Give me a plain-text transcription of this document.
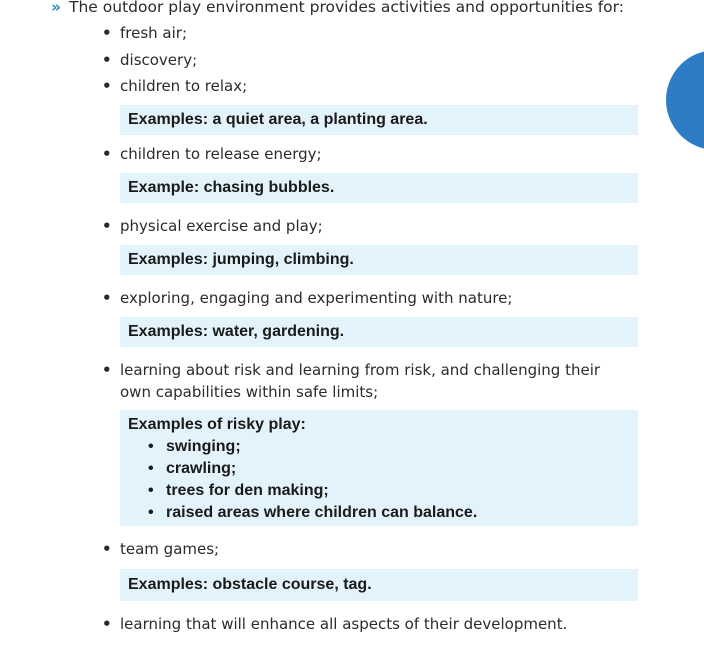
» The outdoor play environment provides activities and opportunities for:
• fresh air;
• discovery;
• children to relax;
Examples: a quiet area, a planting area.
• children to release energy;
Example: chasing bubbles.
• physical exercise and play;
Examples: jumping, climbing.
• exploring, engaging and experimenting with nature;
Examples: water, gardening.
• learning about risk and learning from risk, and challenging their own capabilities within safe limits;
Examples of risky play:
• swinging;
• crawling;
• trees for den making;
• raised areas where children can balance.
• team games;
Examples: obstacle course, tag.
• learning that will enhance all aspects of their development.
